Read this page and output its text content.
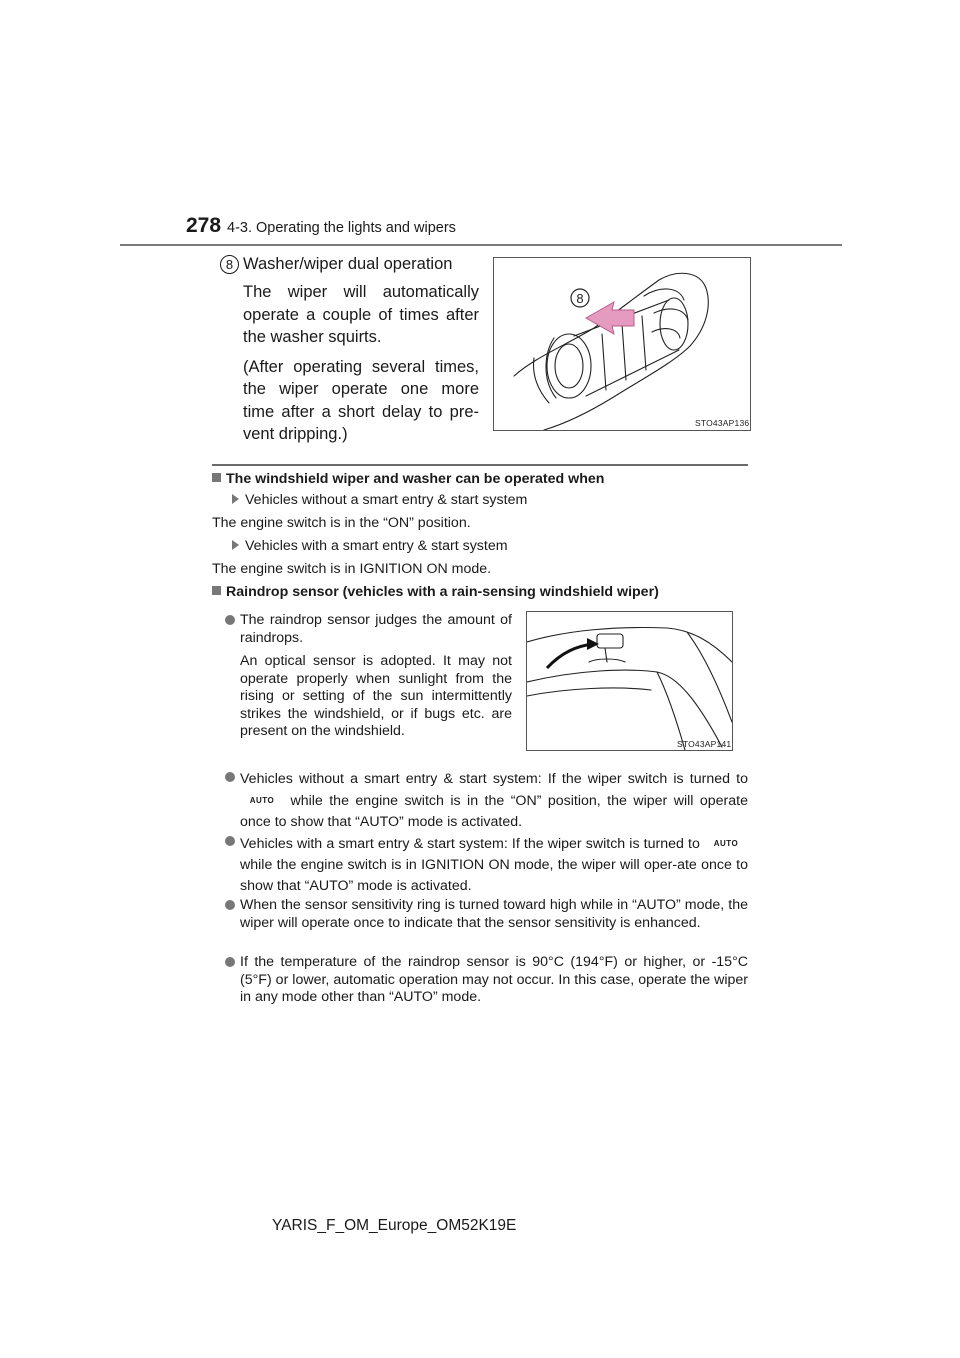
278 4-3. Operating the lights and wipers
8 Washer/wiper dual operation

The wiper will automatically operate a couple of times after the washer squirts.

(After operating several times, the wiper operate one more time after a short delay to pre-vent dripping.)

8
STO43AP136
The windshield wiper and washer can be operated when
Vehicles without a smart entry & start system
The engine switch is in the “ON” position.
Vehicles with a smart entry & start system
The engine switch is in IGNITION ON mode.
Raindrop sensor (vehicles with a rain-sensing windshield wiper)
The raindrop sensor judges the amount of raindrops.
An optical sensor is adopted. It may not operate properly when sunlight from the rising or setting of the sun intermittently strikes the windshield, or if bugs etc. are present on the windshield.
STO43AP141
Vehicles without a smart entry & start system: If the wiper switch is turned to AUTO while the engine switch is in the “ON” position, the wiper will operate once to show that “AUTO” mode is activated.
Vehicles with a smart entry & start system: If the wiper switch is turned to AUTO while the engine switch is in IGNITION ON mode, the wiper will oper-ate once to show that “AUTO” mode is activated.
When the sensor sensitivity ring is turned toward high while in “AUTO” mode, the wiper will operate once to indicate that the sensor sensitivity is enhanced.
If the temperature of the raindrop sensor is 90°C (194°F) or higher, or -15°C (5°F) or lower, automatic operation may not occur. In this case, operate the wiper in any mode other than “AUTO” mode.
YARIS_F_OM_Europe_OM52K19E
